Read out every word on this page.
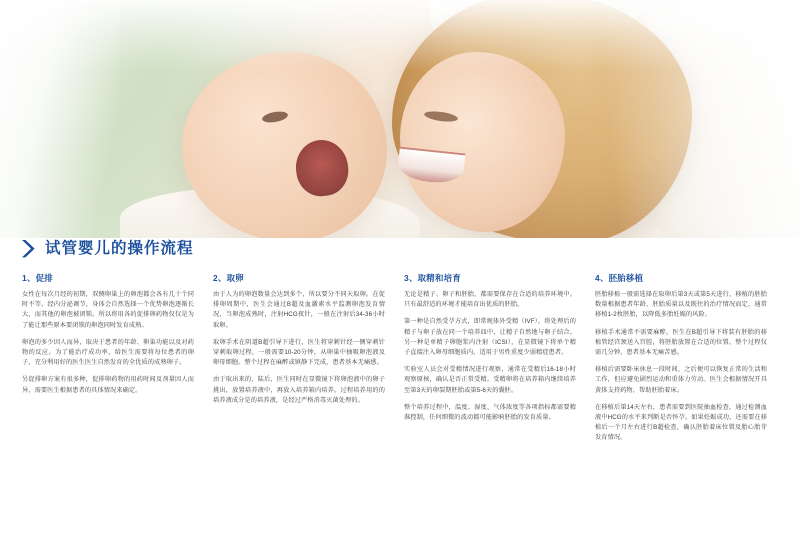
试管婴儿的操作流程
1、促排

女性在每次月经的初期，双侧卵巢上的卵泡都会各有几十个同时不等。经内分泌调节，身体会自然选择一个优势卵泡逐渐长大，而其他的卵泡被闭锁。所以将用各的促排卵药物仅仅是为了能让那些原本要闭锁的卵泡同时发育成熟。

卵泡的多少因人而异，取决于患者的年龄、卵巢功能以及对药物的反应。为了能治疗成功率，给医生需要将每位患者的卵子，充分利用好的医生医生自然发育的全优质的成熟卵子。

另促排卵方案有很多种，促排卵药物的用药时间及剂量因人而异，需要医生根据患者的具体情况来确定。

2、取卵

由于人为的卵泡数量会达到多个，所以要分不同天取卵。在促排卵周期中，医生会通过B超及血激素水平监测卵泡发育情况，当卵泡成熟时，注射HCG夜针，一般在注射后34-36小时取卵。

取卵手术在阴道B超引导下进行，医生将穿刺针经一侧穿刺针穿刺取卵过程，一般需要10-20分钟，从卵巢中抽吸卵泡液及卵母细胞。整个过程在麻醉或镇静下完成，患者基本无痛感。

由于取出来的，陆后，医生同时在显微镜下将卵泡液中的卵子挑出，放置培养液中，再放入培养箱内培养。过程培养用的的培养液成分是的培养液，是经过严格消毒灭菌处理的。

3、取精和培育

无论是精子、卵子和胚胎，都需要保存在合适的培养环境中。只有最舒适的环境才能培育出优质的胚胎。

第一种是自然受孕方式，即常规体外受精（IVF），将处理后的精子与卵子放在同一个培养皿中，让精子自然地与卵子结合。另一种是单精子卵胞浆内注射（ICSI），在显微镜下将单个精子直接注入卵母细胞质内，适用于男性重度少弱精症患者。

实验室人员会对受精情况进行观察，通常在受精后16-18小时观察原核，确认是否正常受精。受精卵将在培养箱内继续培养至第3天的卵裂期胚胎或第5-6天的囊胚。

整个培养过程中，温度、湿度、气体浓度等各项指标都需要精准控制，任何细微的波动都可能影响胚胎的发育质量。

4、胚胎移植

胚胎移植一般需选择在取卵后第3天或第5天进行，移植的胚胎数量根据患者年龄、胚胎质量以及既往的治疗情况而定，通常移植1-2枚胚胎，以降低多胎妊娠的风险。

移植手术通常不需要麻醉，医生在B超引导下将装有胚胎的移植管经宫颈送入宫腔，将胚胎放置在合适的位置。整个过程仅需几分钟，患者基本无痛苦感。

移植后需要卧床休息一段时间，之后便可以恢复正常的生活和工作，但应避免剧烈运动和重体力劳动。医生会根据情况开具黄体支持药物，帮助胚胎着床。

在移植后第14天左右，患者需要到医院抽血检查，通过检测血液中HCG的水平来判断是否怀孕。如果妊娠成功，还需要在移植后一个月左右进行B超检查，确认胚胎着床位置及胎心胎芽发育情况。
